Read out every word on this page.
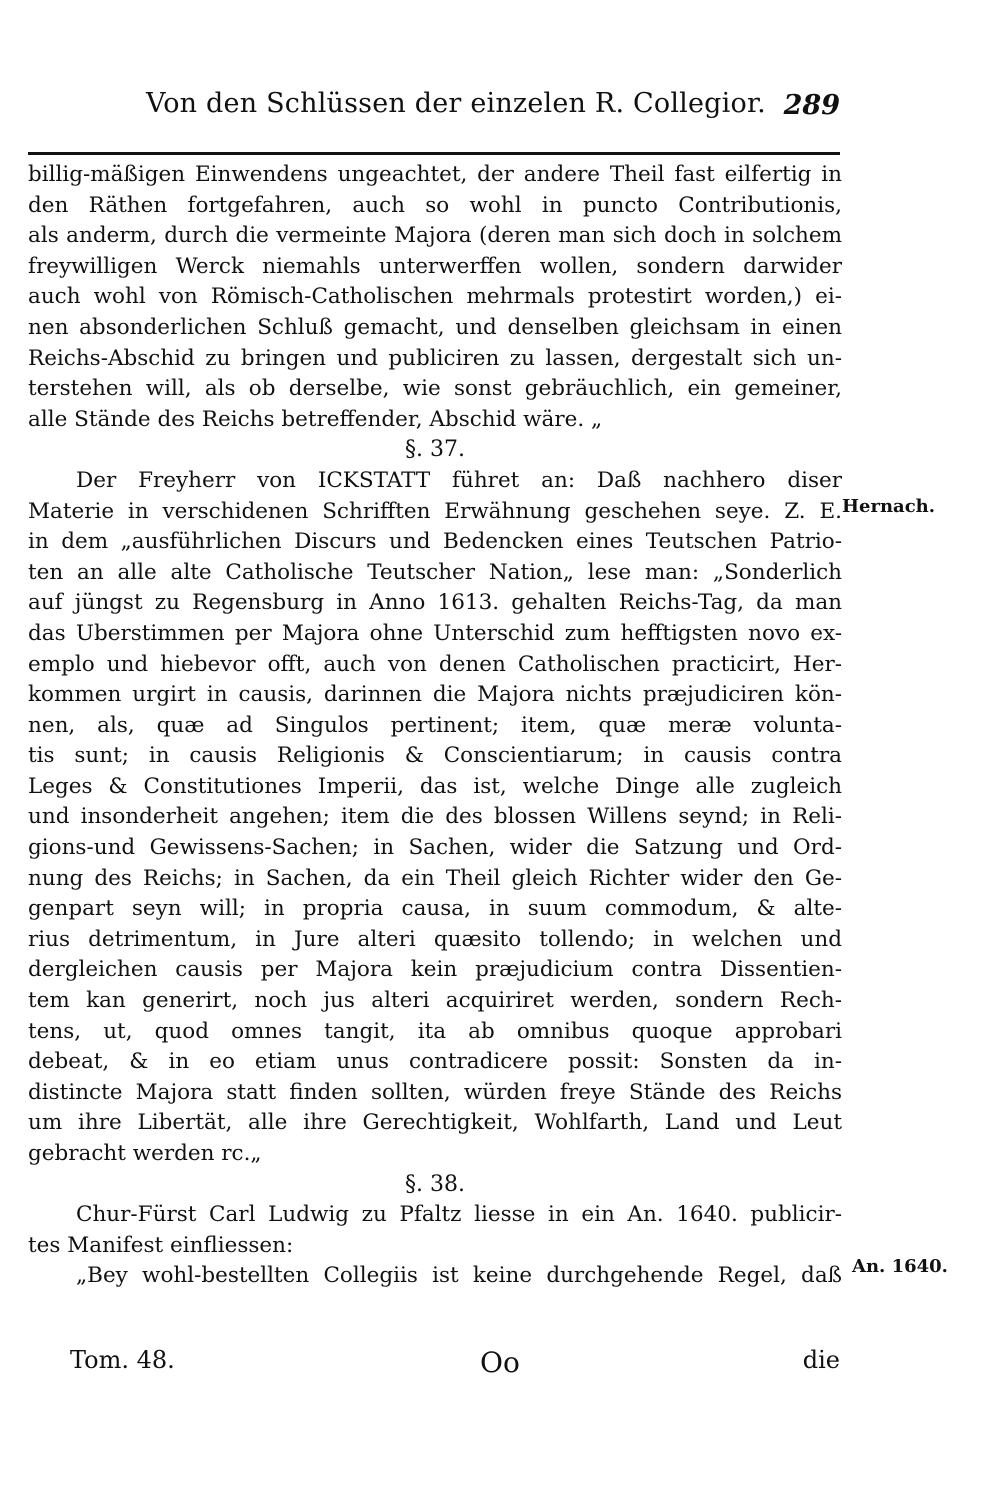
Von den Schlüssen der einzelen R. Collegior. 289
billig-mäßigen Einwendens ungeachtet, der andere Theil fast eilfertig in
den Räthen fortgefahren, auch so wohl in puncto Contributionis,
als anderm, durch die vermeinte Majora (deren man sich doch in solchem
freywilligen Werck niemahls unterwerffen wollen, sondern darwider
auch wohl von Römisch-Catholischen mehrmals protestirt worden,) ei-
nen absonderlichen Schluß gemacht, und denselben gleichsam in einen
Reichs-Abschid zu bringen und publiciren zu lassen, dergestalt sich un-
terstehen will, als ob derselbe, wie sonst gebräuchlich, ein gemeiner,
alle Stände des Reichs betreffender, Abschid wäre. „
§. 37.
Der Freyherr von ICKSTATT führet an: Daß nachhero diser
Materie in verschidenen Schrifften Erwähnung geschehen seye. Z. E.
in dem „ausführlichen Discurs und Bedencken eines Teutschen Patrio-
ten an alle alte Catholische Teutscher Nation„ lese man: „Sonderlich
auf jüngst zu Regensburg in Anno 1613. gehalten Reichs-Tag, da man
das Uberstimmen per Majora ohne Unterschid zum hefftigsten novo ex-
emplo und hiebevor offt, auch von denen Catholischen practicirt, Her-
kommen urgirt in causis, darinnen die Majora nichts præjudiciren kön-
nen, als, quæ ad Singulos pertinent; item, quæ meræ volunta-
tis sunt; in causis Religionis & Conscientiarum; in causis contra
Leges & Constitutiones Imperii, das ist, welche Dinge alle zugleich
und insonderheit angehen; item die des blossen Willens seynd; in Reli-
gions-und Gewissens-Sachen; in Sachen, wider die Satzung und Ord-
nung des Reichs; in Sachen, da ein Theil gleich Richter wider den Ge-
genpart seyn will; in propria causa, in suum commodum, & alte-
rius detrimentum, in Jure alteri quæsito tollendo; in welchen und
dergleichen causis per Majora kein præjudicium contra Dissentien-
tem kan generirt, noch jus alteri acquiriret werden, sondern Rech-
tens, ut, quod omnes tangit, ita ab omnibus quoque approbari
debeat, & in eo etiam unus contradicere possit: Sonsten da in-
distincte Majora statt finden sollten, würden freye Stände des Reichs
um ihre Libertät, alle ihre Gerechtigkeit, Wohlfarth, Land und Leut
gebracht werden rc.„
§. 38.
Chur-Fürst Carl Ludwig zu Pfaltz liesse in ein An. 1640. publicir-
tes Manifest einfliessen:
„Bey wohl-bestellten Collegiis ist keine durchgehende Regel, daß
Hernach.
An. 1640.
Tom. 48.	Oo	die
